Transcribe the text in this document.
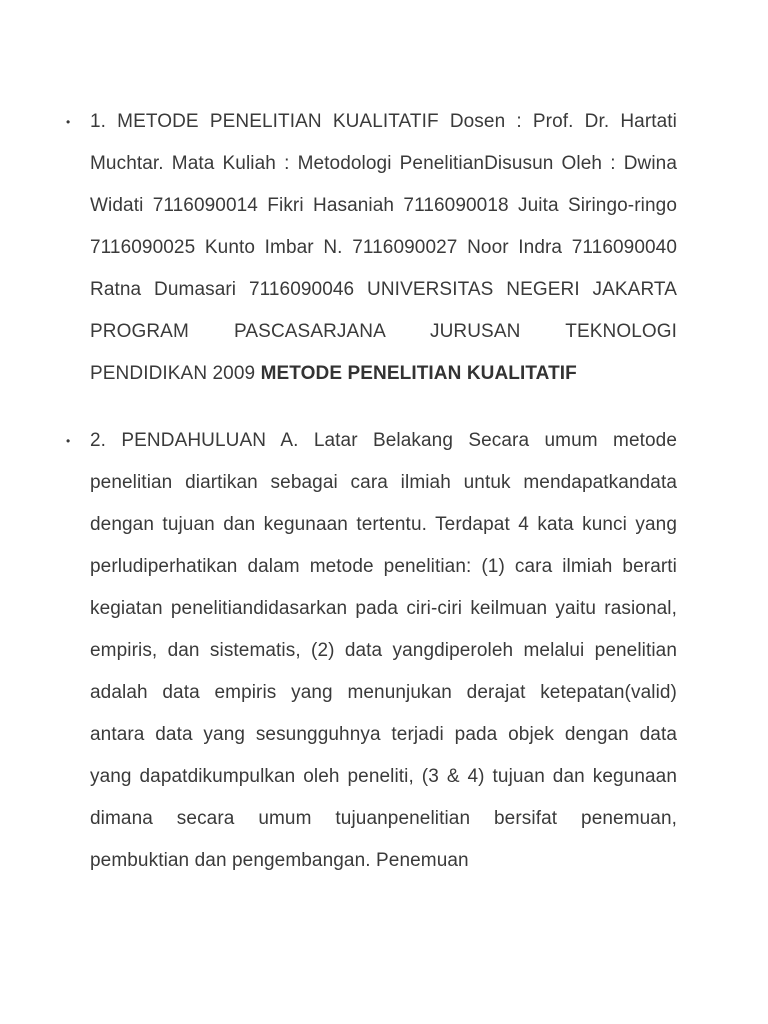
• 1. METODE PENELITIAN KUALITATIF Dosen : Prof. Dr. Hartati Muchtar. Mata Kuliah : Metodologi PenelitianDisusun Oleh : Dwina Widati 7116090014 Fikri Hasaniah 7116090018 Juita Siringo-ringo 7116090025 Kunto Imbar N. 7116090027 Noor Indra 7116090040 Ratna Dumasari 7116090046 UNIVERSITAS NEGERI JAKARTA PROGRAM PASCASARJANA JURUSAN TEKNOLOGI PENDIDIKAN 2009 METODE PENELITIAN KUALITATIF

• 2. PENDAHULUAN A. Latar Belakang Secara umum metode penelitian diartikan sebagai cara ilmiah untuk mendapatkandata dengan tujuan dan kegunaan tertentu. Terdapat 4 kata kunci yang perludiperhatikan dalam metode penelitian: (1) cara ilmiah berarti kegiatan penelitiandidasarkan pada ciri-ciri keilmuan yaitu rasional, empiris, dan sistematis, (2) data yangdiperoleh melalui penelitian adalah data empiris yang menunjukan derajat ketepatan(valid) antara data yang sesungguhnya terjadi pada objek dengan data yang dapatdikumpulkan oleh peneliti, (3 & 4) tujuan dan kegunaan dimana secara umum tujuanpenelitian bersifat penemuan, pembuktian dan pengembangan. Penemuan
